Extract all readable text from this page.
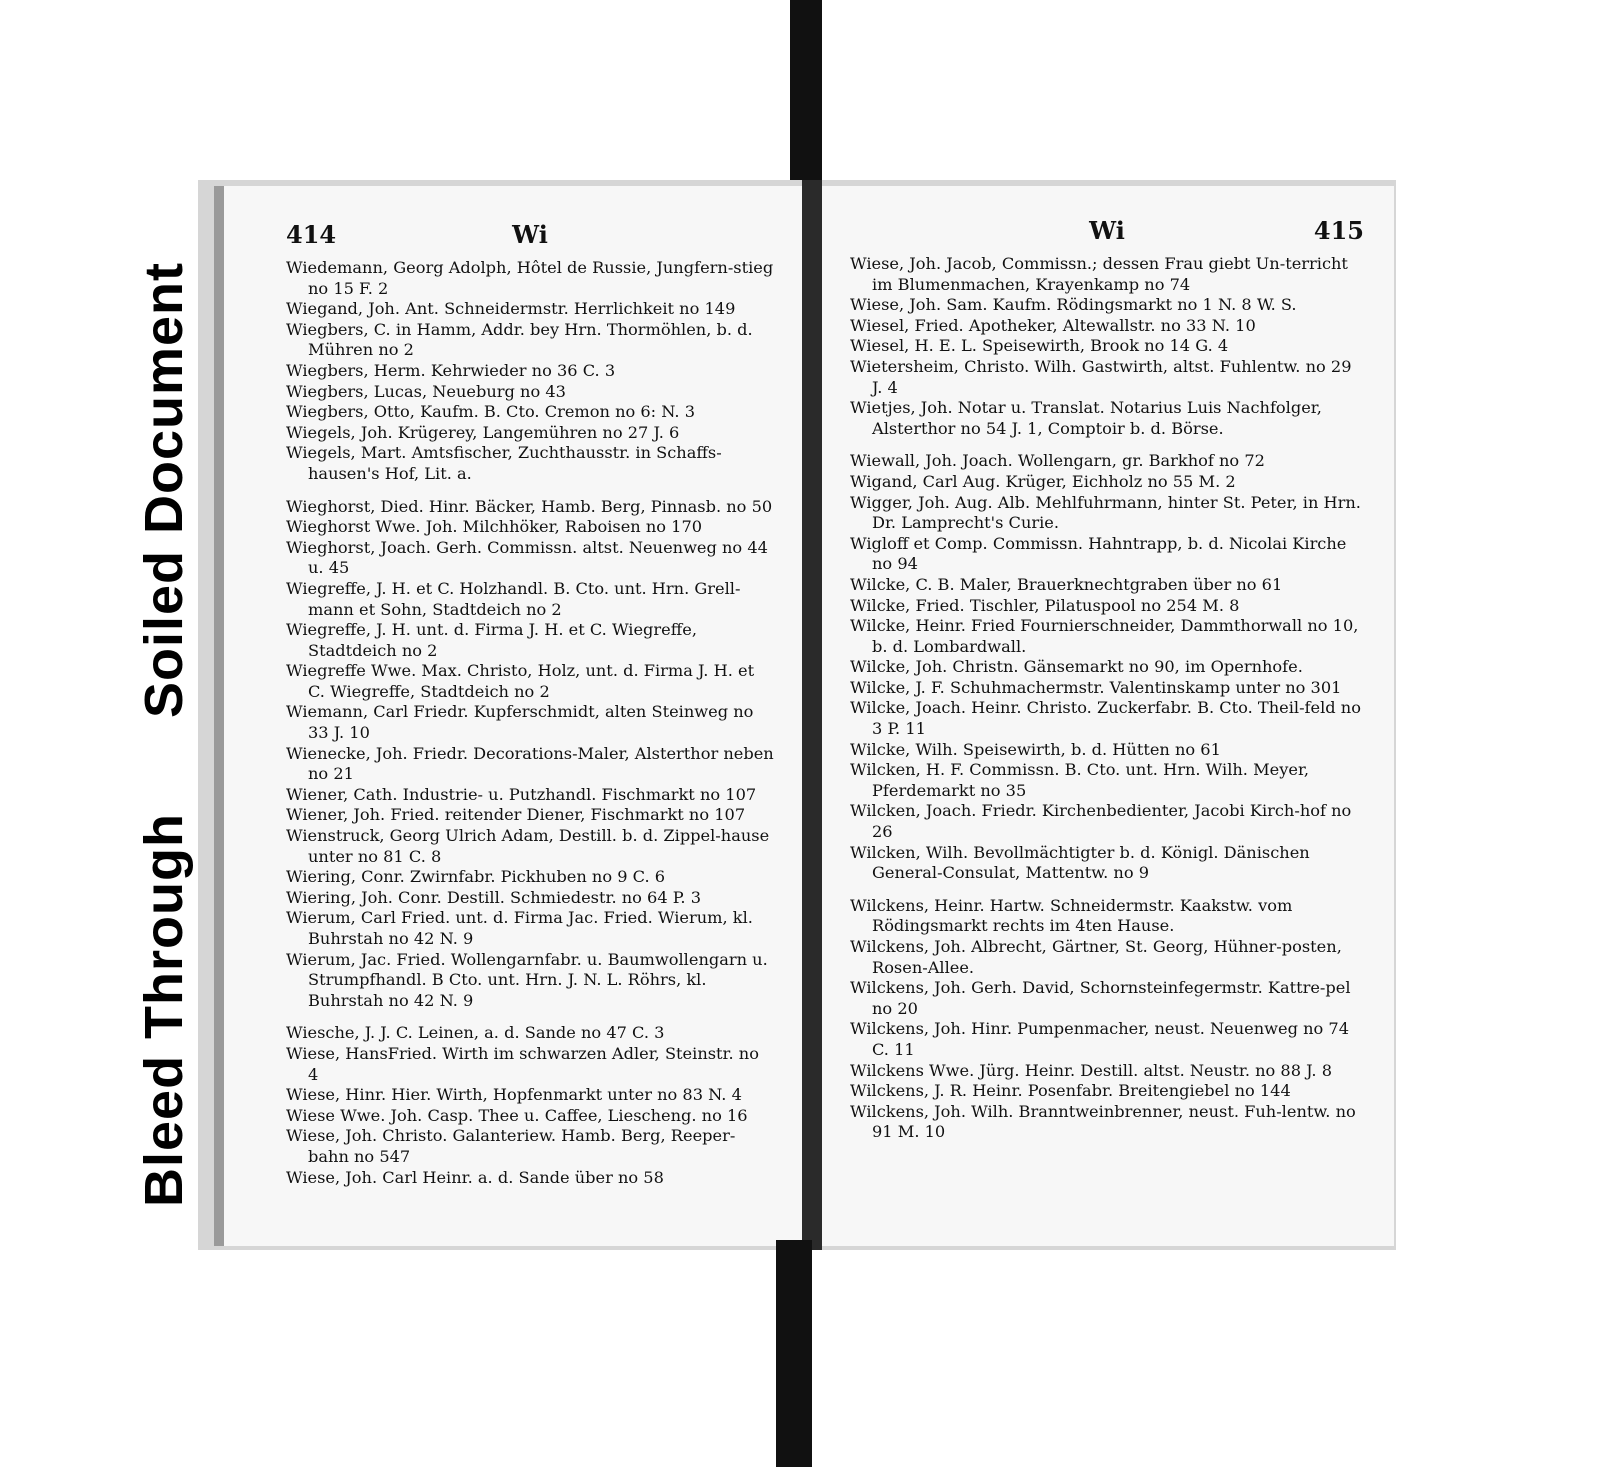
Soiled Document
Bleed Through
414	Wi
Wiedemann, Georg Adolph, Hôtel de Russie, Jungfern-stieg no 15 F. 2
Wiegand, Joh. Ant. Schneidermstr. Herrlichkeit no 149
Wiegbers, C. in Hamm, Addr. bey Hrn. Thormöhlen, b. d. Mühren no 2
Wiegbers, Herm. Kehrwieder no 36 C. 3
Wiegbers, Lucas, Neueburg no 43
Wiegbers, Otto, Kaufm. B. Cto. Cremon no 6: N. 3
Wiegels, Joh. Krügerey, Langemühren no 27 J. 6
Wiegels, Mart. Amtsfischer, Zuchthausstr. in Schaffs-hausen's Hof, Lit. a.
Wieghorst, Died. Hinr. Bäcker, Hamb. Berg, Pinnasb. no 50
Wieghorst Wwe. Joh. Milchhöker, Raboisen no 170
Wieghorst, Joach. Gerh. Commissn. altst. Neuenweg no 44 u. 45
Wiegreffe, J. H. et C. Holzhandl. B. Cto. unt. Hrn. Grell-mann et Sohn, Stadtdeich no 2
Wiegreffe, J. H. unt. d. Firma J. H. et C. Wiegreffe, Stadtdeich no 2
Wiegreffe Wwe. Max. Christo, Holz, unt. d. Firma J. H. et C. Wiegreffe, Stadtdeich no 2
Wiemann, Carl Friedr. Kupferschmidt, alten Steinweg no 33 J. 10
Wienecke, Joh. Friedr. Decorations-Maler, Alsterthor neben no 21
Wiener, Cath. Industrie- u. Putzhandl. Fischmarkt no 107
Wiener, Joh. Fried. reitender Diener, Fischmarkt no 107
Wienstruck, Georg Ulrich Adam, Destill. b. d. Zippel-hause unter no 81 C. 8
Wiering, Conr. Zwirnfabr. Pickhuben no 9 C. 6
Wiering, Joh. Conr. Destill. Schmiedestr. no 64 P. 3
Wierum, Carl Fried. unt. d. Firma Jac. Fried. Wierum, kl. Buhrstah no 42 N. 9
Wierum, Jac. Fried. Wollengarnfabr. u. Baumwollengarn u. Strumpfhandl. B Cto. unt. Hrn. J. N. L. Röhrs, kl. Buhrstah no 42 N. 9
Wiesche, J. J. C. Leinen, a. d. Sande no 47 C. 3
Wiese, HansFried. Wirth im schwarzen Adler, Steinstr. no 4
Wiese, Hinr. Hier. Wirth, Hopfenmarkt unter no 83 N. 4
Wiese Wwe. Joh. Casp. Thee u. Caffee, Liescheng. no 16
Wiese, Joh. Christo. Galanteriew. Hamb. Berg, Reeper-bahn no 547
Wiese, Joh. Carl Heinr. a. d. Sande über no 58
Wi	415
Wiese, Joh. Jacob, Commissn.; dessen Frau giebt Un-terricht im Blumenmachen, Krayenkamp no 74
Wiese, Joh. Sam. Kaufm. Rödingsmarkt no 1 N. 8 W. S.
Wiesel, Fried. Apotheker, Altewallstr. no 33 N. 10
Wiesel, H. E. L. Speisewirth, Brook no 14 G. 4
Wietersheim, Christo. Wilh. Gastwirth, altst. Fuhlentw. no 29 J. 4
Wietjes, Joh. Notar u. Translat. Notarius Luis Nachfolger, Alsterthor no 54 J. 1, Comptoir b. d. Börse.
Wiewall, Joh. Joach. Wollengarn, gr. Barkhof no 72
Wigand, Carl Aug. Krüger, Eichholz no 55 M. 2
Wigger, Joh. Aug. Alb. Mehlfuhrmann, hinter St. Peter, in Hrn. Dr. Lamprecht's Curie.
Wigloff et Comp. Commissn. Hahntrapp, b. d. Nicolai Kirche no 94
Wilcke, C. B. Maler, Brauerknechtgraben über no 61
Wilcke, Fried. Tischler, Pilatuspool no 254 M. 8
Wilcke, Heinr. Fried Fournierschneider, Dammthorwall no 10, b. d. Lombardwall.
Wilcke, Joh. Christn. Gänsemarkt no 90, im Opernhofe.
Wilcke, J. F. Schuhmachermstr. Valentinskamp unter no 301
Wilcke, Joach. Heinr. Christo. Zuckerfabr. B. Cto. Theil-feld no 3 P. 11
Wilcke, Wilh. Speisewirth, b. d. Hütten no 61
Wilcken, H. F. Commissn. B. Cto. unt. Hrn. Wilh. Meyer, Pferdemarkt no 35
Wilcken, Joach. Friedr. Kirchenbedienter, Jacobi Kirch-hof no 26
Wilcken, Wilh. Bevollmächtigter b. d. Königl. Dänischen General-Consulat, Mattentw. no 9
Wilckens, Heinr. Hartw. Schneidermstr. Kaakstw. vom Rödingsmarkt rechts im 4ten Hause.
Wilckens, Joh. Albrecht, Gärtner, St. Georg, Hühner-posten, Rosen-Allee.
Wilckens, Joh. Gerh. David, Schornsteinfegermstr. Kattre-pel no 20
Wilckens, Joh. Hinr. Pumpenmacher, neust. Neuenweg no 74 C. 11
Wilckens Wwe. Jürg. Heinr. Destill. altst. Neustr. no 88 J. 8
Wilckens, J. R. Heinr. Posenfabr. Breitengiebel no 144
Wilckens, Joh. Wilh. Branntweinbrenner, neust. Fuh-lentw. no 91 M. 10
